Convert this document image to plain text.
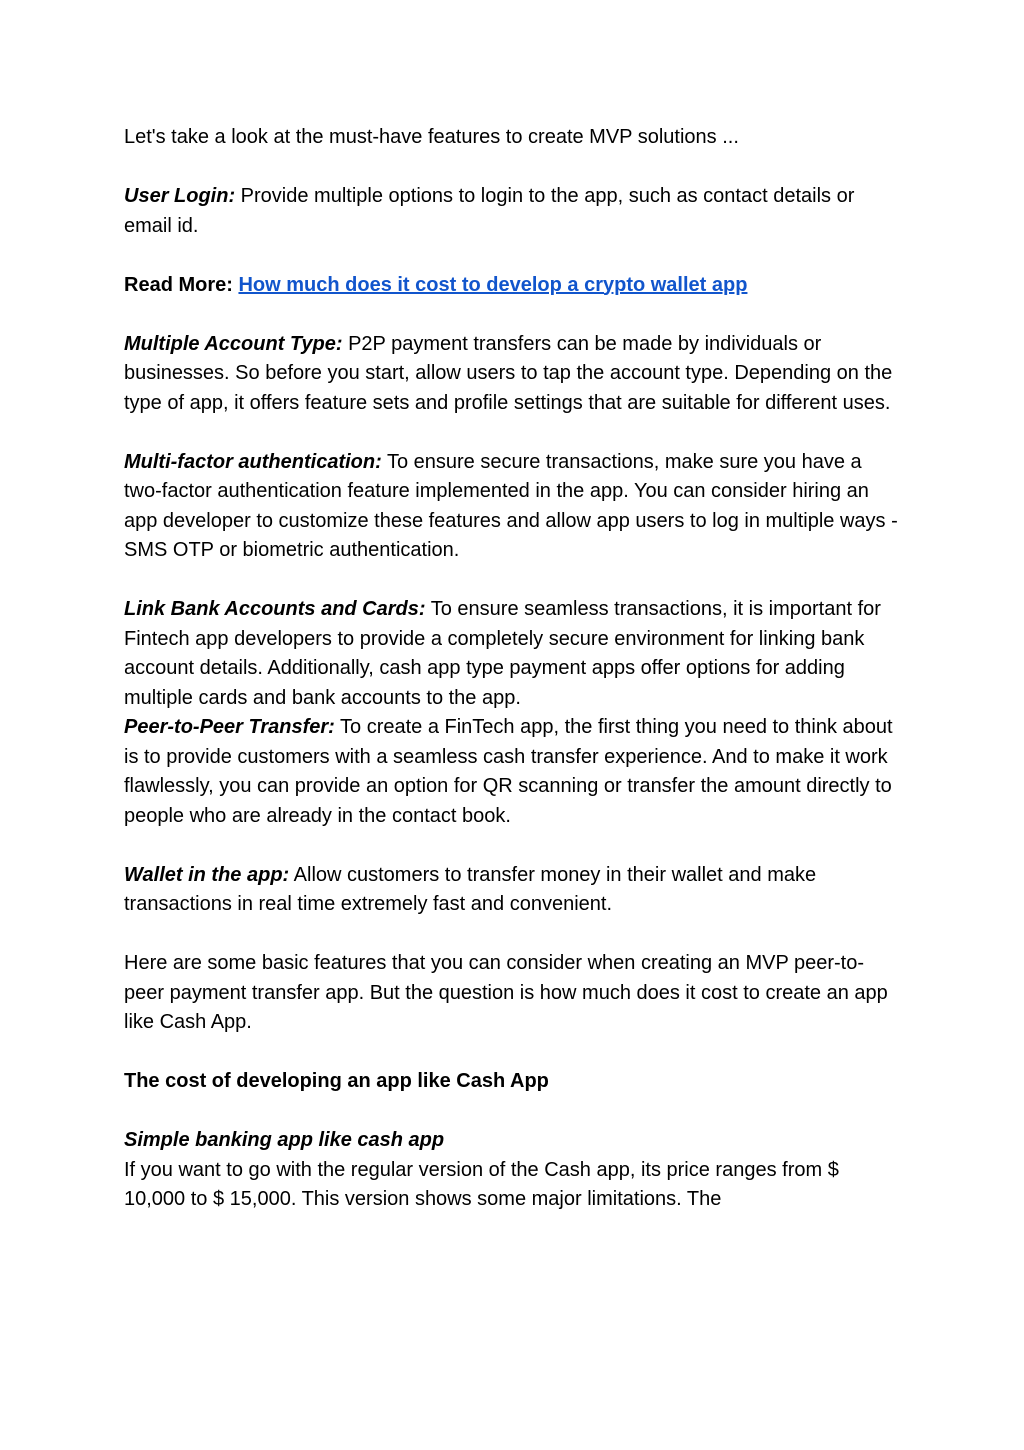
Let's take a look at the must-have features to create MVP solutions ...

User Login: Provide multiple options to login to the app, such as contact details or email id.

Read More: How much does it cost to develop a crypto wallet app

Multiple Account Type: P2P payment transfers can be made by individuals or businesses. So before you start, allow users to tap the account type. Depending on the type of app, it offers feature sets and profile settings that are suitable for different uses.

Multi-factor authentication: To ensure secure transactions, make sure you have a two-factor authentication feature implemented in the app. You can consider hiring an app developer to customize these features and allow app users to log in multiple ways - SMS OTP or biometric authentication.

Link Bank Accounts and Cards: To ensure seamless transactions, it is important for Fintech app developers to provide a completely secure environment for linking bank account details. Additionally, cash app type payment apps offer options for adding multiple cards and bank accounts to the app.

Peer-to-Peer Transfer: To create a FinTech app, the first thing you need to think about is to provide customers with a seamless cash transfer experience. And to make it work flawlessly, you can provide an option for QR scanning or transfer the amount directly to people who are already in the contact book.

Wallet in the app: Allow customers to transfer money in their wallet and make transactions in real time extremely fast and convenient.

Here are some basic features that you can consider when creating an MVP peer-to-peer payment transfer app. But the question is how much does it cost to create an app like Cash App.

The cost of developing an app like Cash App

Simple banking app like cash app

If you want to go with the regular version of the Cash app, its price ranges from $ 10,000 to $ 15,000. This version shows some major limitations. The
